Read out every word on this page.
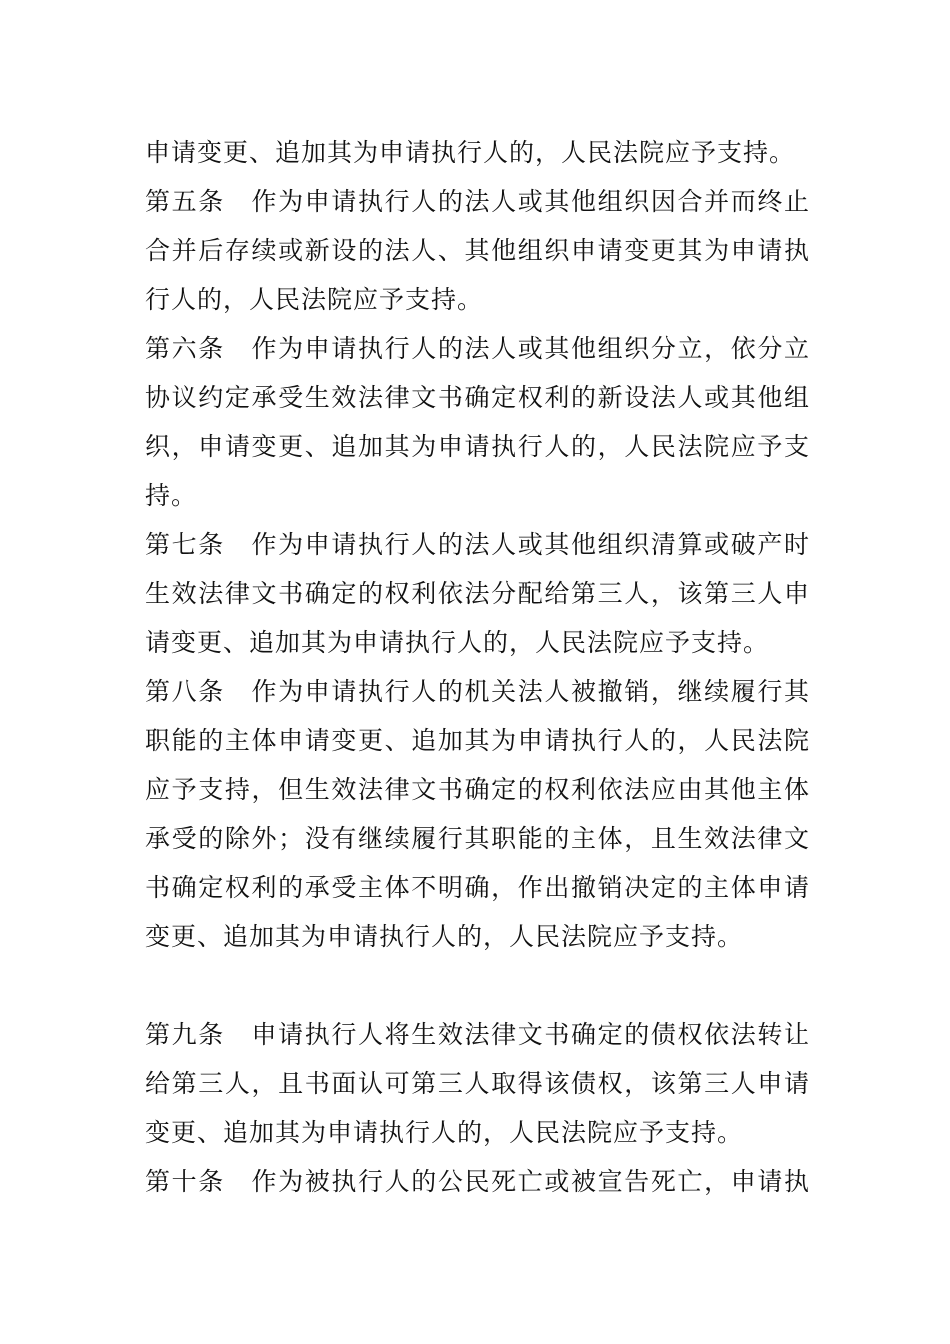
申请变更、追加其为申请执行人的，人民法院应予支持。
第五条　作为申请执行人的法人或其他组织因合并而终止
合并后存续或新设的法人、其他组织申请变更其为申请执
行人的，人民法院应予支持。
第六条　作为申请执行人的法人或其他组织分立，依分立
协议约定承受生效法律文书确定权利的新设法人或其他组
织，申请变更、追加其为申请执行人的，人民法院应予支
持。
第七条　作为申请执行人的法人或其他组织清算或破产时
生效法律文书确定的权利依法分配给第三人，该第三人申
请变更、追加其为申请执行人的，人民法院应予支持。
第八条　作为申请执行人的机关法人被撤销，继续履行其
职能的主体申请变更、追加其为申请执行人的，人民法院
应予支持，但生效法律文书确定的权利依法应由其他主体
承受的除外；没有继续履行其职能的主体，且生效法律文
书确定权利的承受主体不明确，作出撤销决定的主体申请
变更、追加其为申请执行人的，人民法院应予支持。
第九条　申请执行人将生效法律文书确定的债权依法转让
给第三人，且书面认可第三人取得该债权，该第三人申请
变更、追加其为申请执行人的，人民法院应予支持。
第十条　作为被执行人的公民死亡或被宣告死亡，申请执
